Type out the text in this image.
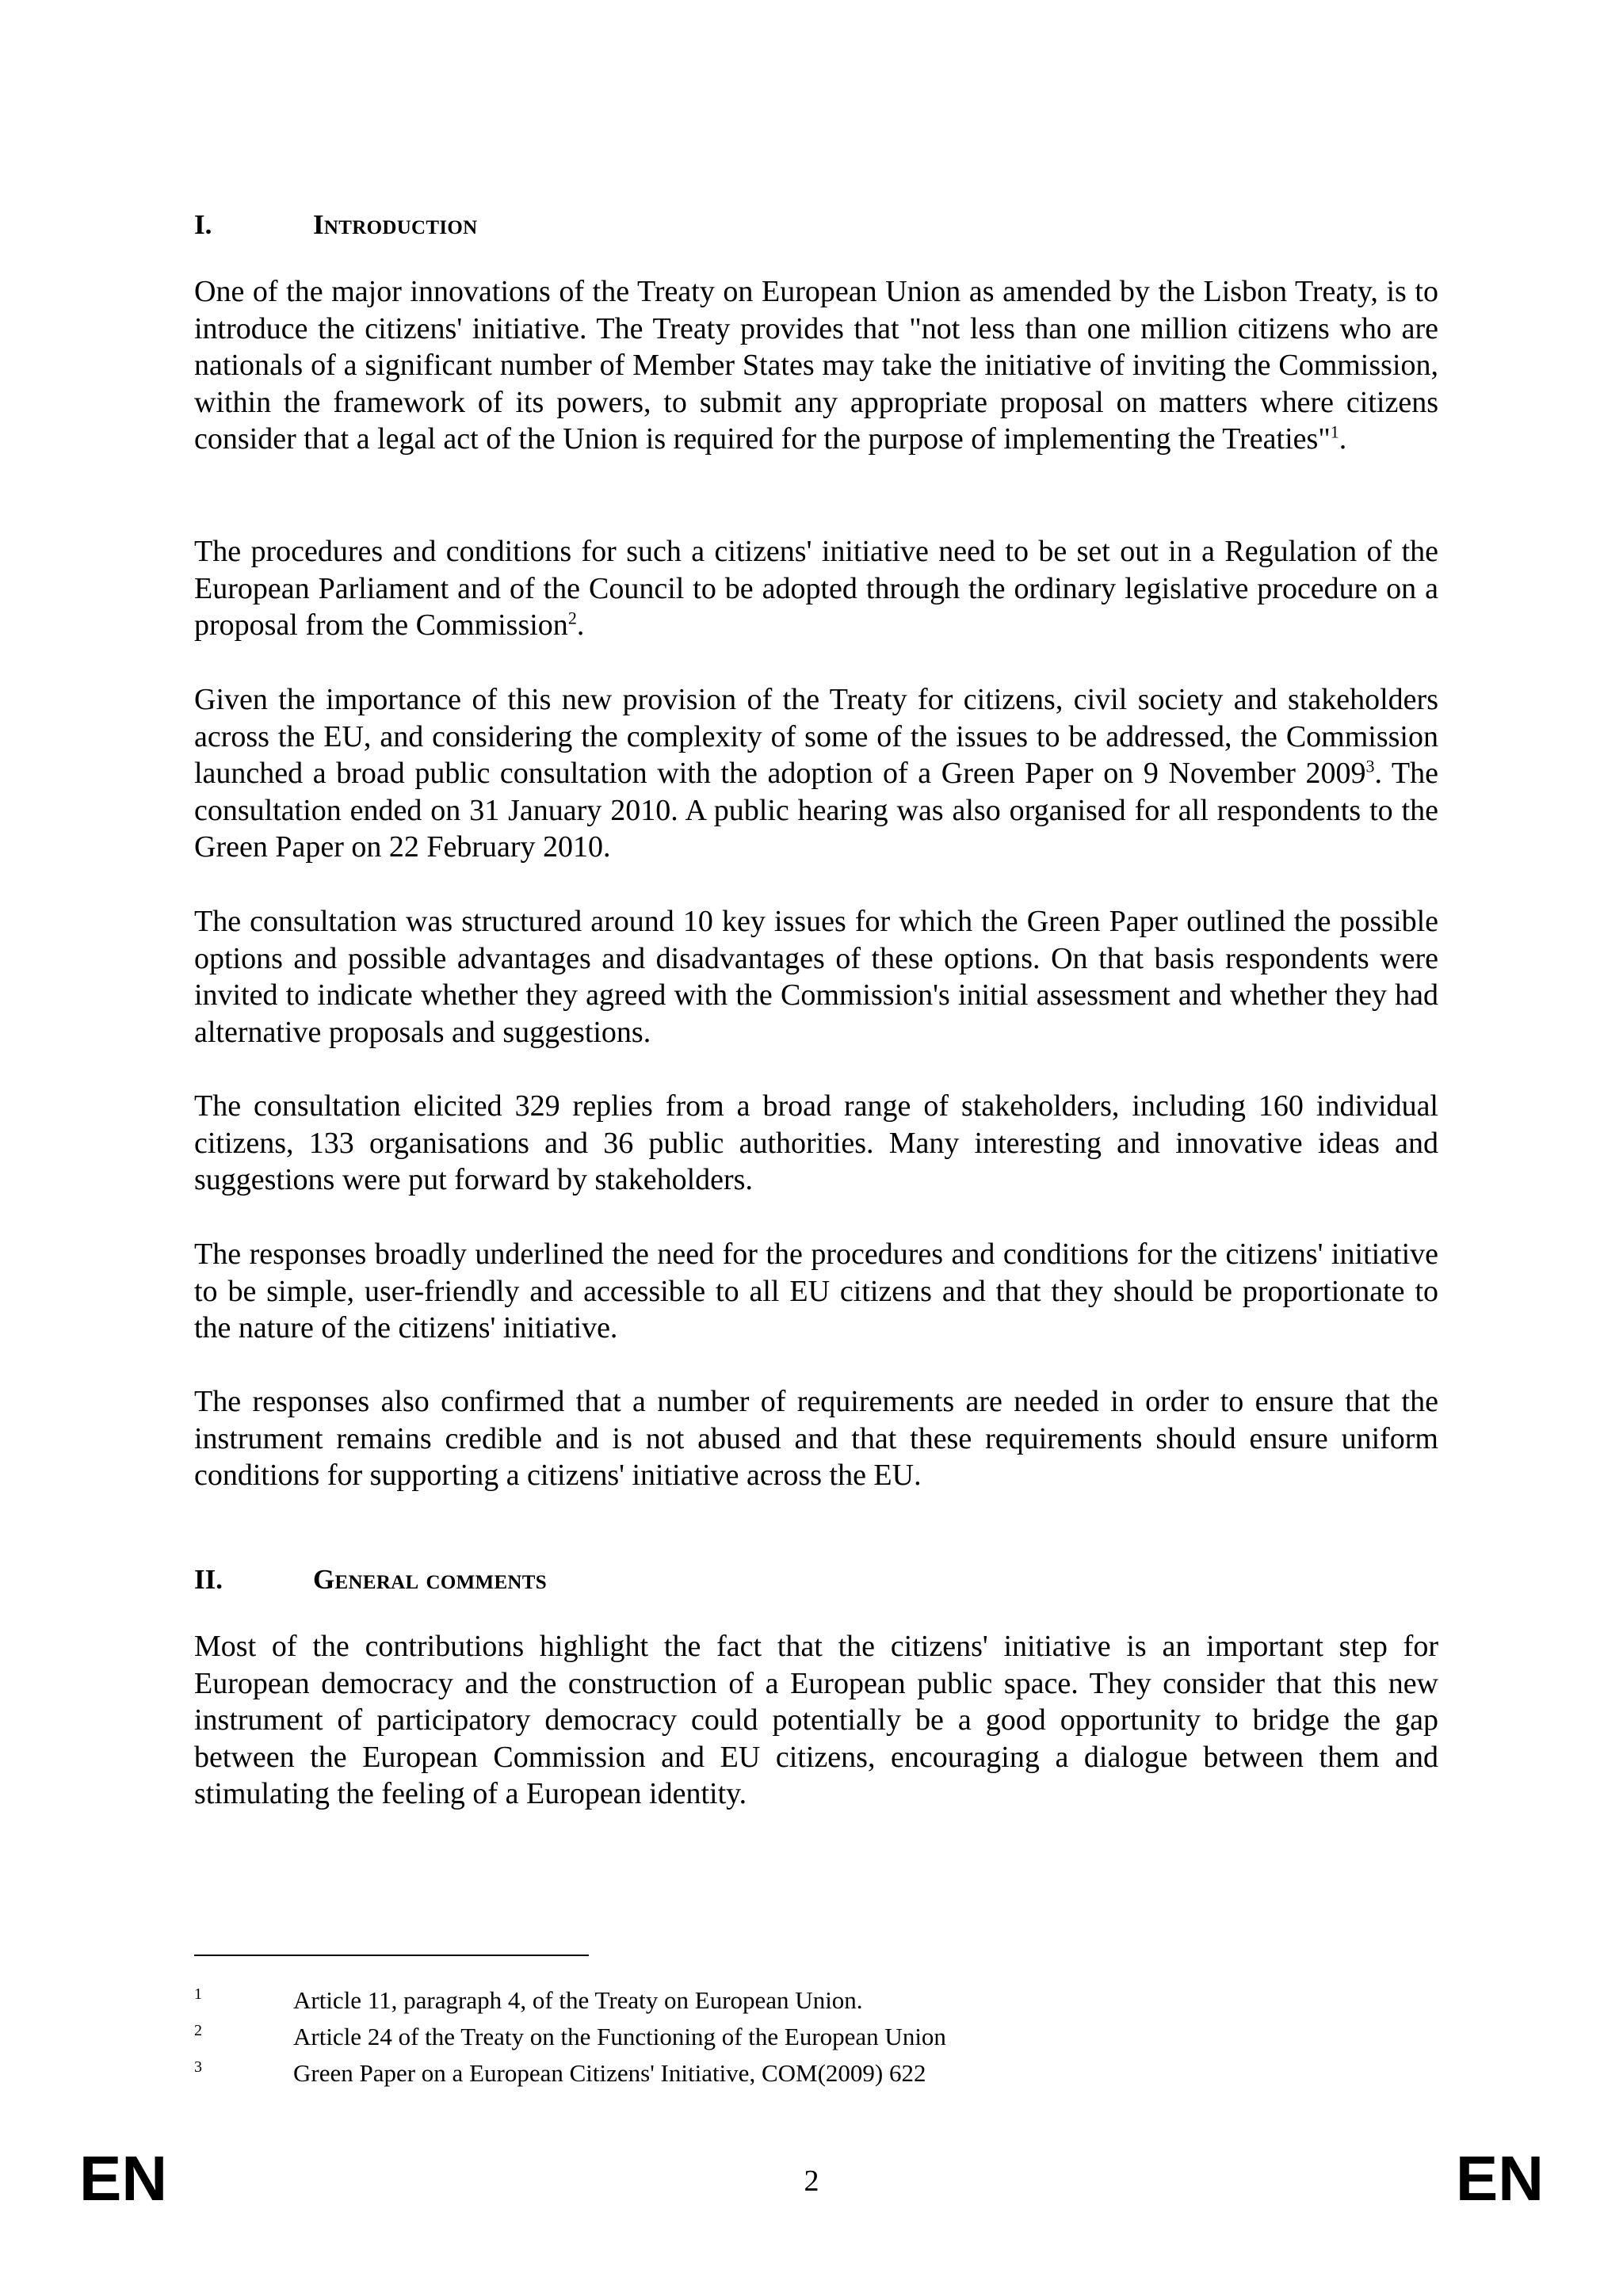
I.	Introduction

One of the major innovations of the Treaty on European Union as amended by the Lisbon Treaty, is to introduce the citizens' initiative. The Treaty provides that "not less than one million citizens who are nationals of a significant number of Member States may take the initiative of inviting the Commission, within the framework of its powers, to submit any appropriate proposal on matters where citizens consider that a legal act of the Union is required for the purpose of implementing the Treaties"$^1$.

The procedures and conditions for such a citizens' initiative need to be set out in a Regulation of the European Parliament and of the Council to be adopted through the ordinary legislative procedure on a proposal from the Commission$^2$.

Given the importance of this new provision of the Treaty for citizens, civil society and stakeholders across the EU, and considering the complexity of some of the issues to be addressed, the Commission launched a broad public consultation with the adoption of a Green Paper on 9 November 2009$^3$. The consultation ended on 31 January 2010. A public hearing was also organised for all respondents to the Green Paper on 22 February 2010.

The consultation was structured around 10 key issues for which the Green Paper outlined the possible options and possible advantages and disadvantages of these options. On that basis respondents were invited to indicate whether they agreed with the Commission's initial assessment and whether they had alternative proposals and suggestions.

The consultation elicited 329 replies from a broad range of stakeholders, including 160 individual citizens, 133 organisations and 36 public authorities. Many interesting and innovative ideas and suggestions were put forward by stakeholders.

The responses broadly underlined the need for the procedures and conditions for the citizens' initiative to be simple, user-friendly and accessible to all EU citizens and that they should be proportionate to the nature of the citizens' initiative.

The responses also confirmed that a number of requirements are needed in order to ensure that the instrument remains credible and is not abused and that these requirements should ensure uniform conditions for supporting a citizens' initiative across the EU.

II.	General comments

Most of the contributions highlight the fact that the citizens' initiative is an important step for European democracy and the construction of a European public space. They consider that this new instrument of participatory democracy could potentially be a good opportunity to bridge the gap between the European Commission and EU citizens, encouraging a dialogue between them and stimulating the feeling of a European identity.

1	Article 11, paragraph 4, of the Treaty on European Union.
2	Article 24 of the Treaty on the Functioning of the European Union
3	Green Paper on a European Citizens' Initiative, COM(2009) 622
EN	2	EN
